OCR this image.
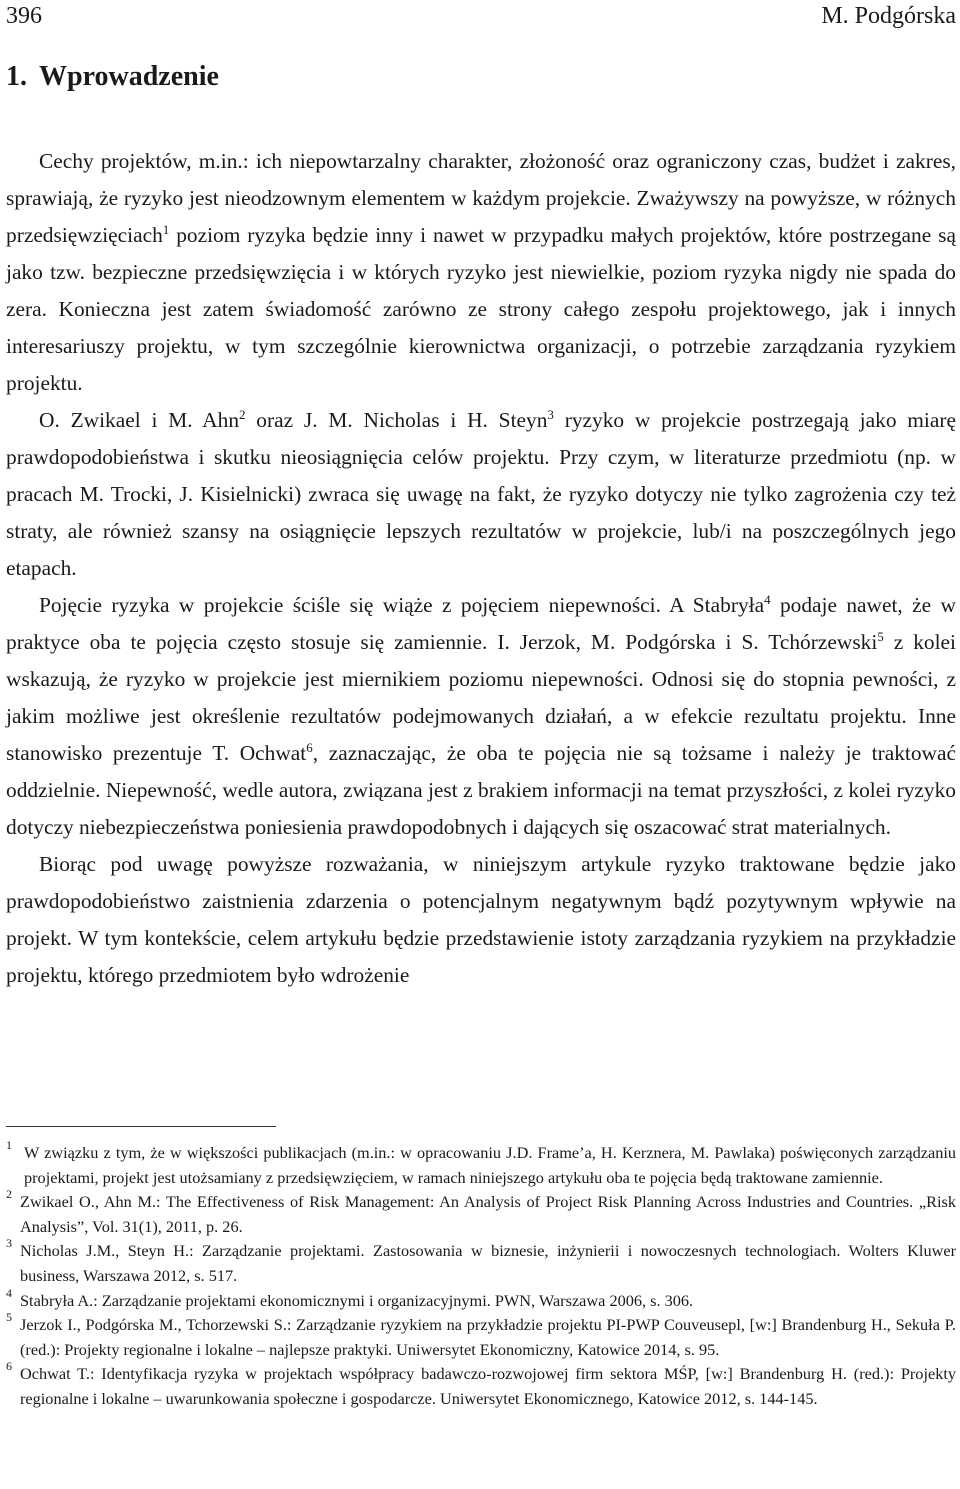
396	M. Podgórska
1. Wprowadzenie

Cechy projektów, m.in.: ich niepowtarzalny charakter, złożoność oraz ograniczony czas, budżet i zakres, sprawiają, że ryzyko jest nieodzownym elementem w każdym projekcie. Zważywszy na powyższe, w różnych przedsięwzięciach$^1$ poziom ryzyka będzie inny i nawet w przypadku małych projektów, które postrzegane są jako tzw. bezpieczne przedsięwzięcia i w których ryzyko jest niewielkie, poziom ryzyka nigdy nie spada do zera. Konieczna jest zatem świadomość zarówno ze strony całego zespołu projektowego, jak i innych interesariuszy projektu, w tym szczególnie kierownictwa organizacji, o potrzebie zarządzania ryzykiem projektu.

O. Zwikael i M. Ahn$^2$ oraz J. M. Nicholas i H. Steyn$^3$ ryzyko w projekcie postrzegają jako miarę prawdopodobieństwa i skutku nieosiągnięcia celów projektu. Przy czym, w literaturze przedmiotu (np. w pracach M. Trocki, J. Kisielnicki) zwraca się uwagę na fakt, że ryzyko dotyczy nie tylko zagrożenia czy też straty, ale również szansy na osiągnięcie lepszych rezultatów w projekcie, lub/i na poszczególnych jego etapach.

Pojęcie ryzyka w projekcie ściśle się wiąże z pojęciem niepewności. A Stabryła$^4$ podaje nawet, że w praktyce oba te pojęcia często stosuje się zamiennie. I. Jerzok, M. Podgórska i S. Tchórzewski$^5$ z kolei wskazują, że ryzyko w projekcie jest miernikiem poziomu niepewności. Odnosi się do stopnia pewności, z jakim możliwe jest określenie rezultatów podejmowanych działań, a w efekcie rezultatu projektu. Inne stanowisko prezentuje T. Ochwat$^6$, zaznaczając, że oba te pojęcia nie są tożsame i należy je traktować oddzielnie. Niepewność, wedle autora, związana jest z brakiem informacji na temat przyszłości, z kolei ryzyko dotyczy niebezpieczeństwa poniesienia prawdopodobnych i dających się oszacować strat materialnych.

Biorąc pod uwagę powyższe rozważania, w niniejszym artykule ryzyko traktowane będzie jako prawdopodobieństwo zaistnienia zdarzenia o potencjalnym negatywnym bądź pozytywnym wpływie na projekt. W tym kontekście, celem artykułu będzie przedstawienie istoty zarządzania ryzykiem na przykładzie projektu, którego przedmiotem było wdrożenie

1 W związku z tym, że w większości publikacjach (m.in.: w opracowaniu J.D. Frame’a, H. Kerznera, M. Pawlaka) poświęconych zarządzaniu projektami, projekt jest utożsamiany z przedsięwzięciem, w ramach niniejszego artykułu oba te pojęcia będą traktowane zamiennie.
2 Zwikael O., Ahn M.: The Effectiveness of Risk Management: An Analysis of Project Risk Planning Across Industries and Countries. „Risk Analysis”, Vol. 31(1), 2011, p. 26.
3 Nicholas J.M., Steyn H.: Zarządzanie projektami. Zastosowania w biznesie, inżynierii i nowoczesnych technologiach. Wolters Kluwer business, Warszawa 2012, s. 517.
4 Stabryła A.: Zarządzanie projektami ekonomicznymi i organizacyjnymi. PWN, Warszawa 2006, s. 306.
5 Jerzok I., Podgórska M., Tchorzewski S.: Zarządzanie ryzykiem na przykładzie projektu PI-PWP Couveusepl, [w:] Brandenburg H., Sekuła P. (red.): Projekty regionalne i lokalne – najlepsze praktyki. Uniwersytet Ekonomiczny, Katowice 2014, s. 95.
6 Ochwat T.: Identyfikacja ryzyka w projektach współpracy badawczo-rozwojowej firm sektora MŚP, [w:] Brandenburg H. (red.): Projekty regionalne i lokalne – uwarunkowania społeczne i gospodarcze. Uniwersytet Ekonomicznego, Katowice 2012, s. 144-145.
